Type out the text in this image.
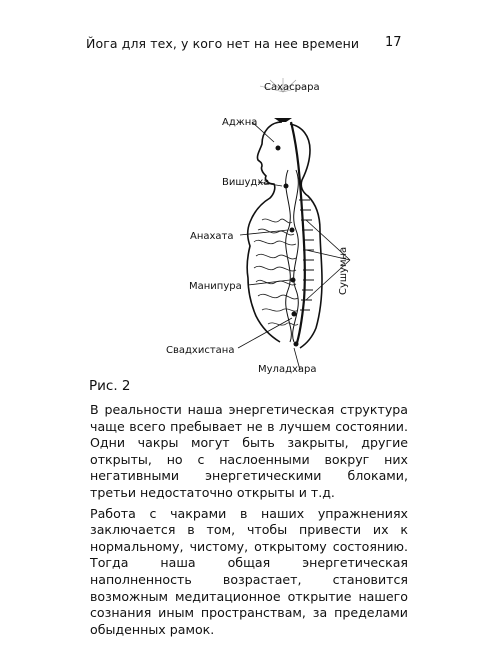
Йога для тех, у кого нет на нее времени 17
Сахасрара
Аджна
Вишудха
Анахата
Манипура
Свадхистана
Муладхара
Сушумна
Рис. 2

В реальности наша энергетическая структура чаще всего пребывает не в лучшем состоянии. Одни чакры могут быть закрыты, другие открыты, но с наслоенными вокруг них негативными энергетическими блоками, третьи недостаточно открыты и т.д.

Работа с чакрами в наших упражнениях заключается в том, чтобы привести их к нормальному, чистому, открытому состоянию. Тогда наша общая энергетическая наполненность возрастает, становится возможным медитационное открытие нашего сознания иным пространствам, за пределами обыденных рамок.
